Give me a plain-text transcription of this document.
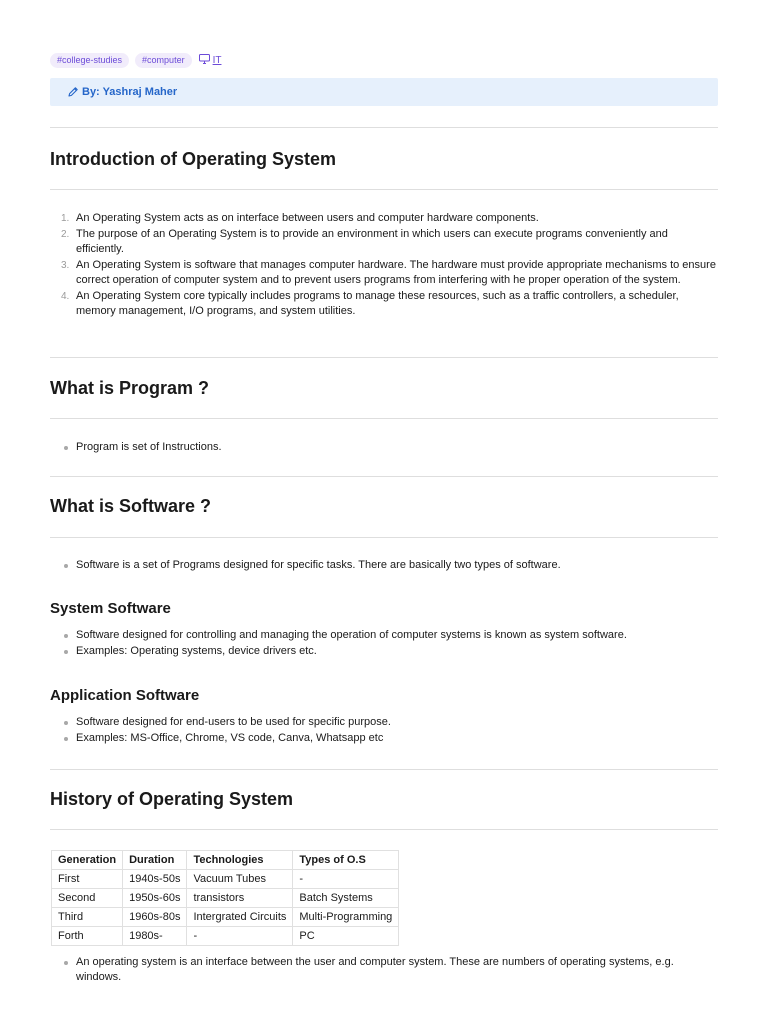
#college-studies	#computer	IT
By: Yashraj Maher
Introduction of Operating System
1. An Operating System acts as on interface between users and computer hardware components.
2. The purpose of an Operating System is to provide an environment in which users can execute programs conveniently and efficiently.
3. An Operating System is software that manages computer hardware. The hardware must provide appropriate mechanisms to ensure correct operation of computer system and to prevent users programs from interfering with he proper operation of the system.
4. An Operating System core typically includes programs to manage these resources, such as a traffic controllers, a scheduler, memory management, I/O programs, and system utilities.
What is Program ?
Program is set of Instructions.
What is Software ?
Software is a set of Programs designed for specific tasks. There are basically two types of software.
System Software
Software designed for controlling and managing the operation of computer systems is known as system software.
Examples: Operating systems, device drivers etc.
Application Software
Software designed for end-users to be used for specific purpose.
Examples: MS-Office, Chrome, VS code, Canva, Whatsapp etc
History of Operating System
Generation	Duration	Technologies	Types of O.S
First	1940s-50s	Vacuum Tubes	-
Second	1950s-60s	transistors	Batch Systems
Third	1960s-80s	Intergrated Circuits	Multi-Programming
Forth	1980s-	-	PC
An operating system is an interface between the user and computer system. These are numbers of operating systems, e.g. windows.
